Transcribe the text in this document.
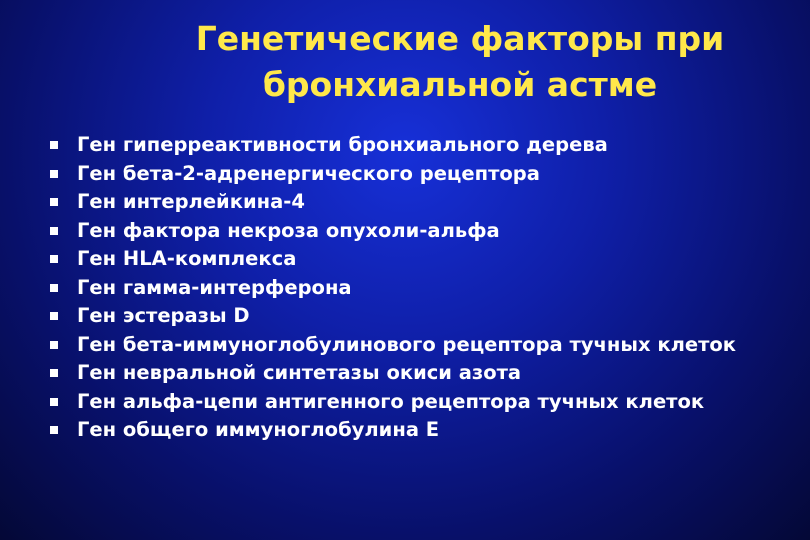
Генетические факторы при
бронхиальной астме
Ген гиперреактивности бронхиального дерева
Ген бета-2-адренергического рецептора
Ген интерлейкина-4
Ген фактора некроза опухоли-альфа
Ген HLA-комплекса
Ген гамма-интерферона
Ген эстеразы D
Ген бета-иммуноглобулинового рецептора тучных клеток
Ген невральной синтетазы окиси азота
Ген альфа-цепи антигенного рецептора тучных клеток
Ген общего иммуноглобулина Е
